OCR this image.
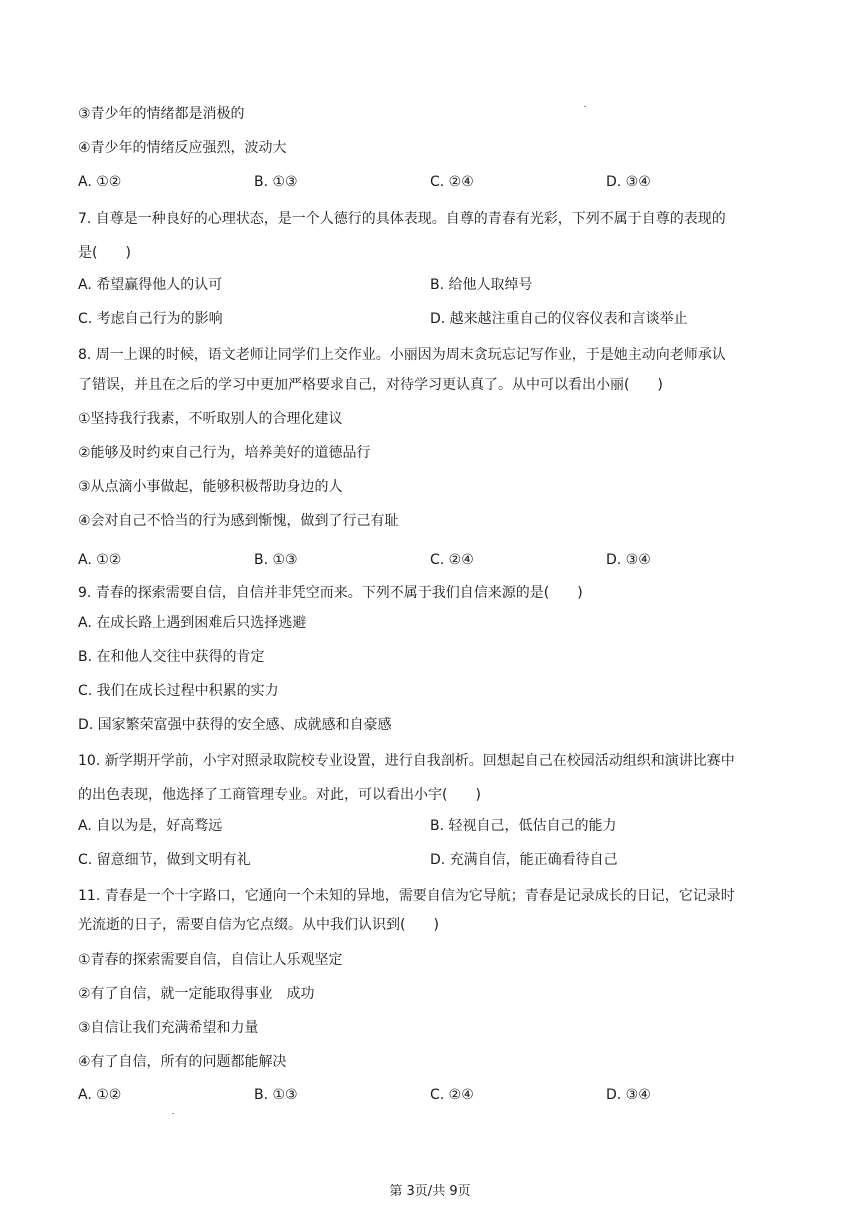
③青少年的情绪都是消极的
④青少年的情绪反应强烈，波动大
A. ①②	B. ①③	C. ②④	D. ③④
7. 自尊是一种良好的心理状态，是一个人德行的具体表现。自尊的青春有光彩，下列不属于自尊的表现的
是(　　)
A. 希望赢得他人的认可	B. 给他人取绰号
C. 考虑自己行为的影响	D. 越来越注重自己的仪容仪表和言谈举止
8. 周一上课的时候，语文老师让同学们上交作业。小丽因为周末贪玩忘记写作业，于是她主动向老师承认
了错误，并且在之后的学习中更加严格要求自己，对待学习更认真了。从中可以看出小丽(　　)
①坚持我行我素，不听取别人的合理化建议
②能够及时约束自己行为，培养美好的道德品行
③从点滴小事做起，能够积极帮助身边的人
④会对自己不恰当的行为感到惭愧，做到了行己有耻
A. ①②	B. ①③	C. ②④	D. ③④
9. 青春的探索需要自信，自信并非凭空而来。下列不属于我们自信来源的是(　　)
A. 在成长路上遇到困难后只选择逃避
B. 在和他人交往中获得的肯定
C. 我们在成长过程中积累的实力
D. 国家繁荣富强中获得的安全感、成就感和自豪感
10. 新学期开学前，小宇对照录取院校专业设置，进行自我剖析。回想起自己在校园活动组织和演讲比赛中
的出色表现，他选择了工商管理专业。对此，可以看出小宇(　　)
A. 自以为是，好高骛远	B. 轻视自己，低估自己的能力
C. 留意细节，做到文明有礼	D. 充满自信，能正确看待自己
11. 青春是一个十字路口，它通向一个未知的异地，需要自信为它导航；青春是记录成长的日记，它记录时
光流逝的日子，需要自信为它点缀。从中我们认识到(　　)
①青春的探索需要自信，自信让人乐观坚定
②有了自信，就一定能取得事业　成功
③自信让我们充满希望和力量
④有了自信，所有的问题都能解决
A. ①②	B. ①③	C. ②④	D. ③④
第 3页/共 9页
